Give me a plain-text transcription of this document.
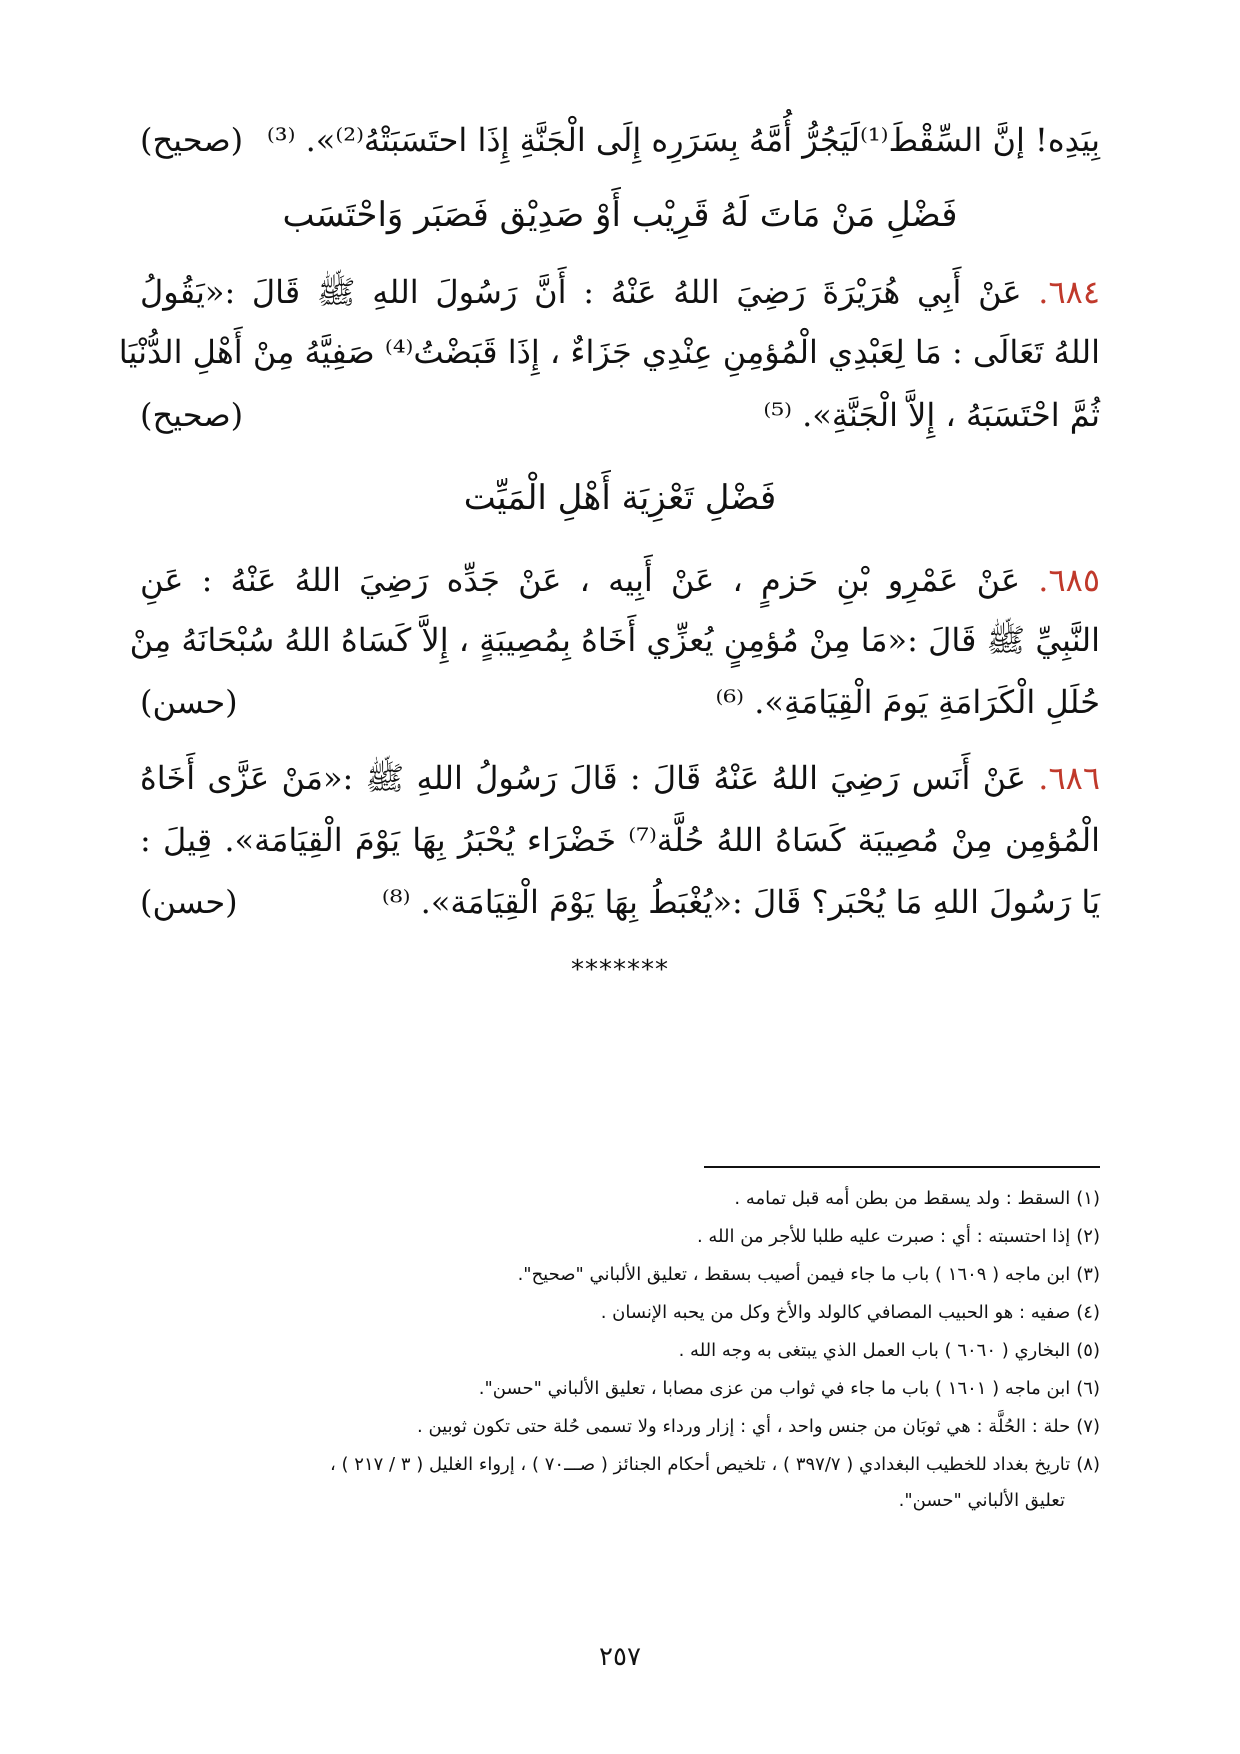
بِيَدِه! إنَّ السِّقْطَ⁽¹⁾لَيَجُرُّ أُمَّهُ بِسَرَرِه إِلَى الْجَنَّةِ إِذَا احتَسَبَتْهُ⁽²⁾». ⁽³⁾
(صحيح)
فَضْلِ مَنْ مَاتَ لَهُ قَرِيْب أَوْ صَدِيْق فَصَبَر وَاحْتَسَب
٦٨٤. عَنْ أَبِي هُرَيْرَةَ رَضِيَ اللهُ عَنْهُ : أَنَّ رَسُولَ اللهِ ﷺ قَالَ :«يَقُولُ
اللهُ تَعَالَى : مَا لِعَبْدِي الْمُؤمِنِ عِنْدِي جَزَاءٌ ، إِذَا قَبَضْتُ⁽⁴⁾ صَفِيَّهُ مِنْ أَهْلِ الدُّنْيَا
ثُمَّ احْتَسَبَهُ ، إِلاَّ الْجَنَّةِ». ⁽⁵⁾
(صحيح)
فَضْلِ تَعْزِيَة أَهْلِ الْمَيِّت
٦٨٥. عَنْ عَمْرِو بْنِ حَزمٍ ، عَنْ أَبِيه ، عَنْ جَدِّه رَضِيَ اللهُ عَنْهُ : عَنِ
النَّبِيِّ ﷺ قَالَ :«مَا مِنْ مُؤمِنٍ يُعزِّي أَخَاهُ بِمُصِيبَةٍ ، إِلاَّ كَسَاهُ اللهُ سُبْحَانَهُ مِنْ
حُلَلِ الْكَرَامَةِ يَومَ الْقِيَامَةِ». ⁽⁶⁾
(حسن)
٦٨٦. عَنْ أَنَس رَضِيَ اللهُ عَنْهُ قَالَ : قَالَ رَسُولُ اللهِ ﷺ :«مَنْ عَزَّى أَخَاهُ
الْمُؤمِن مِنْ مُصِيبَة كَسَاهُ اللهُ حُلَّة⁽⁷⁾ خَضْرَاء يُحْبَرُ بِهَا يَوْمَ الْقِيَامَة». قِيلَ :
يَا رَسُولَ اللهِ مَا يُحْبَر؟ قَالَ :«يُغْبَطُ بِهَا يَوْمَ الْقِيَامَة». ⁽⁸⁾
(حسن)
*******
(١)السقط : ولد يسقط من بطن أمه قبل تمامه .
(٢)إذا احتسبته : أي : صبرت عليه طلبا للأجر من الله .
(٣)ابن ماجه ( ١٦٠٩ ) باب ما جاء فيمن أصيب بسقط ، تعليق الألباني "صحيح".
(٤)صفيه : هو الحبيب المصافي كالولد والأخ وكل من يحبه الإنسان .
(٥)البخاري ( ٦٠٦٠ ) باب العمل الذي يبتغى به وجه الله .
(٦)ابن ماجه ( ١٦٠١ ) باب ما جاء في ثواب من عزى مصابا ، تعليق الألباني "حسن".
(٧)حلة : الحُلَّة : هي ثوبَان من جنس واحد ، أي : إزار ورداء ولا تسمى حُلة حتى تكون ثوبين .
(٨)تاريخ بغداد للخطيب البغدادي ( ٣٩٧/٧ ) ، تلخيص أحكام الجنائز ( صـــ٧٠ ) ، إرواء الغليل ( ٣ / ٢١٧ ) ،
تعليق الألباني "حسن".
٢٥٧
